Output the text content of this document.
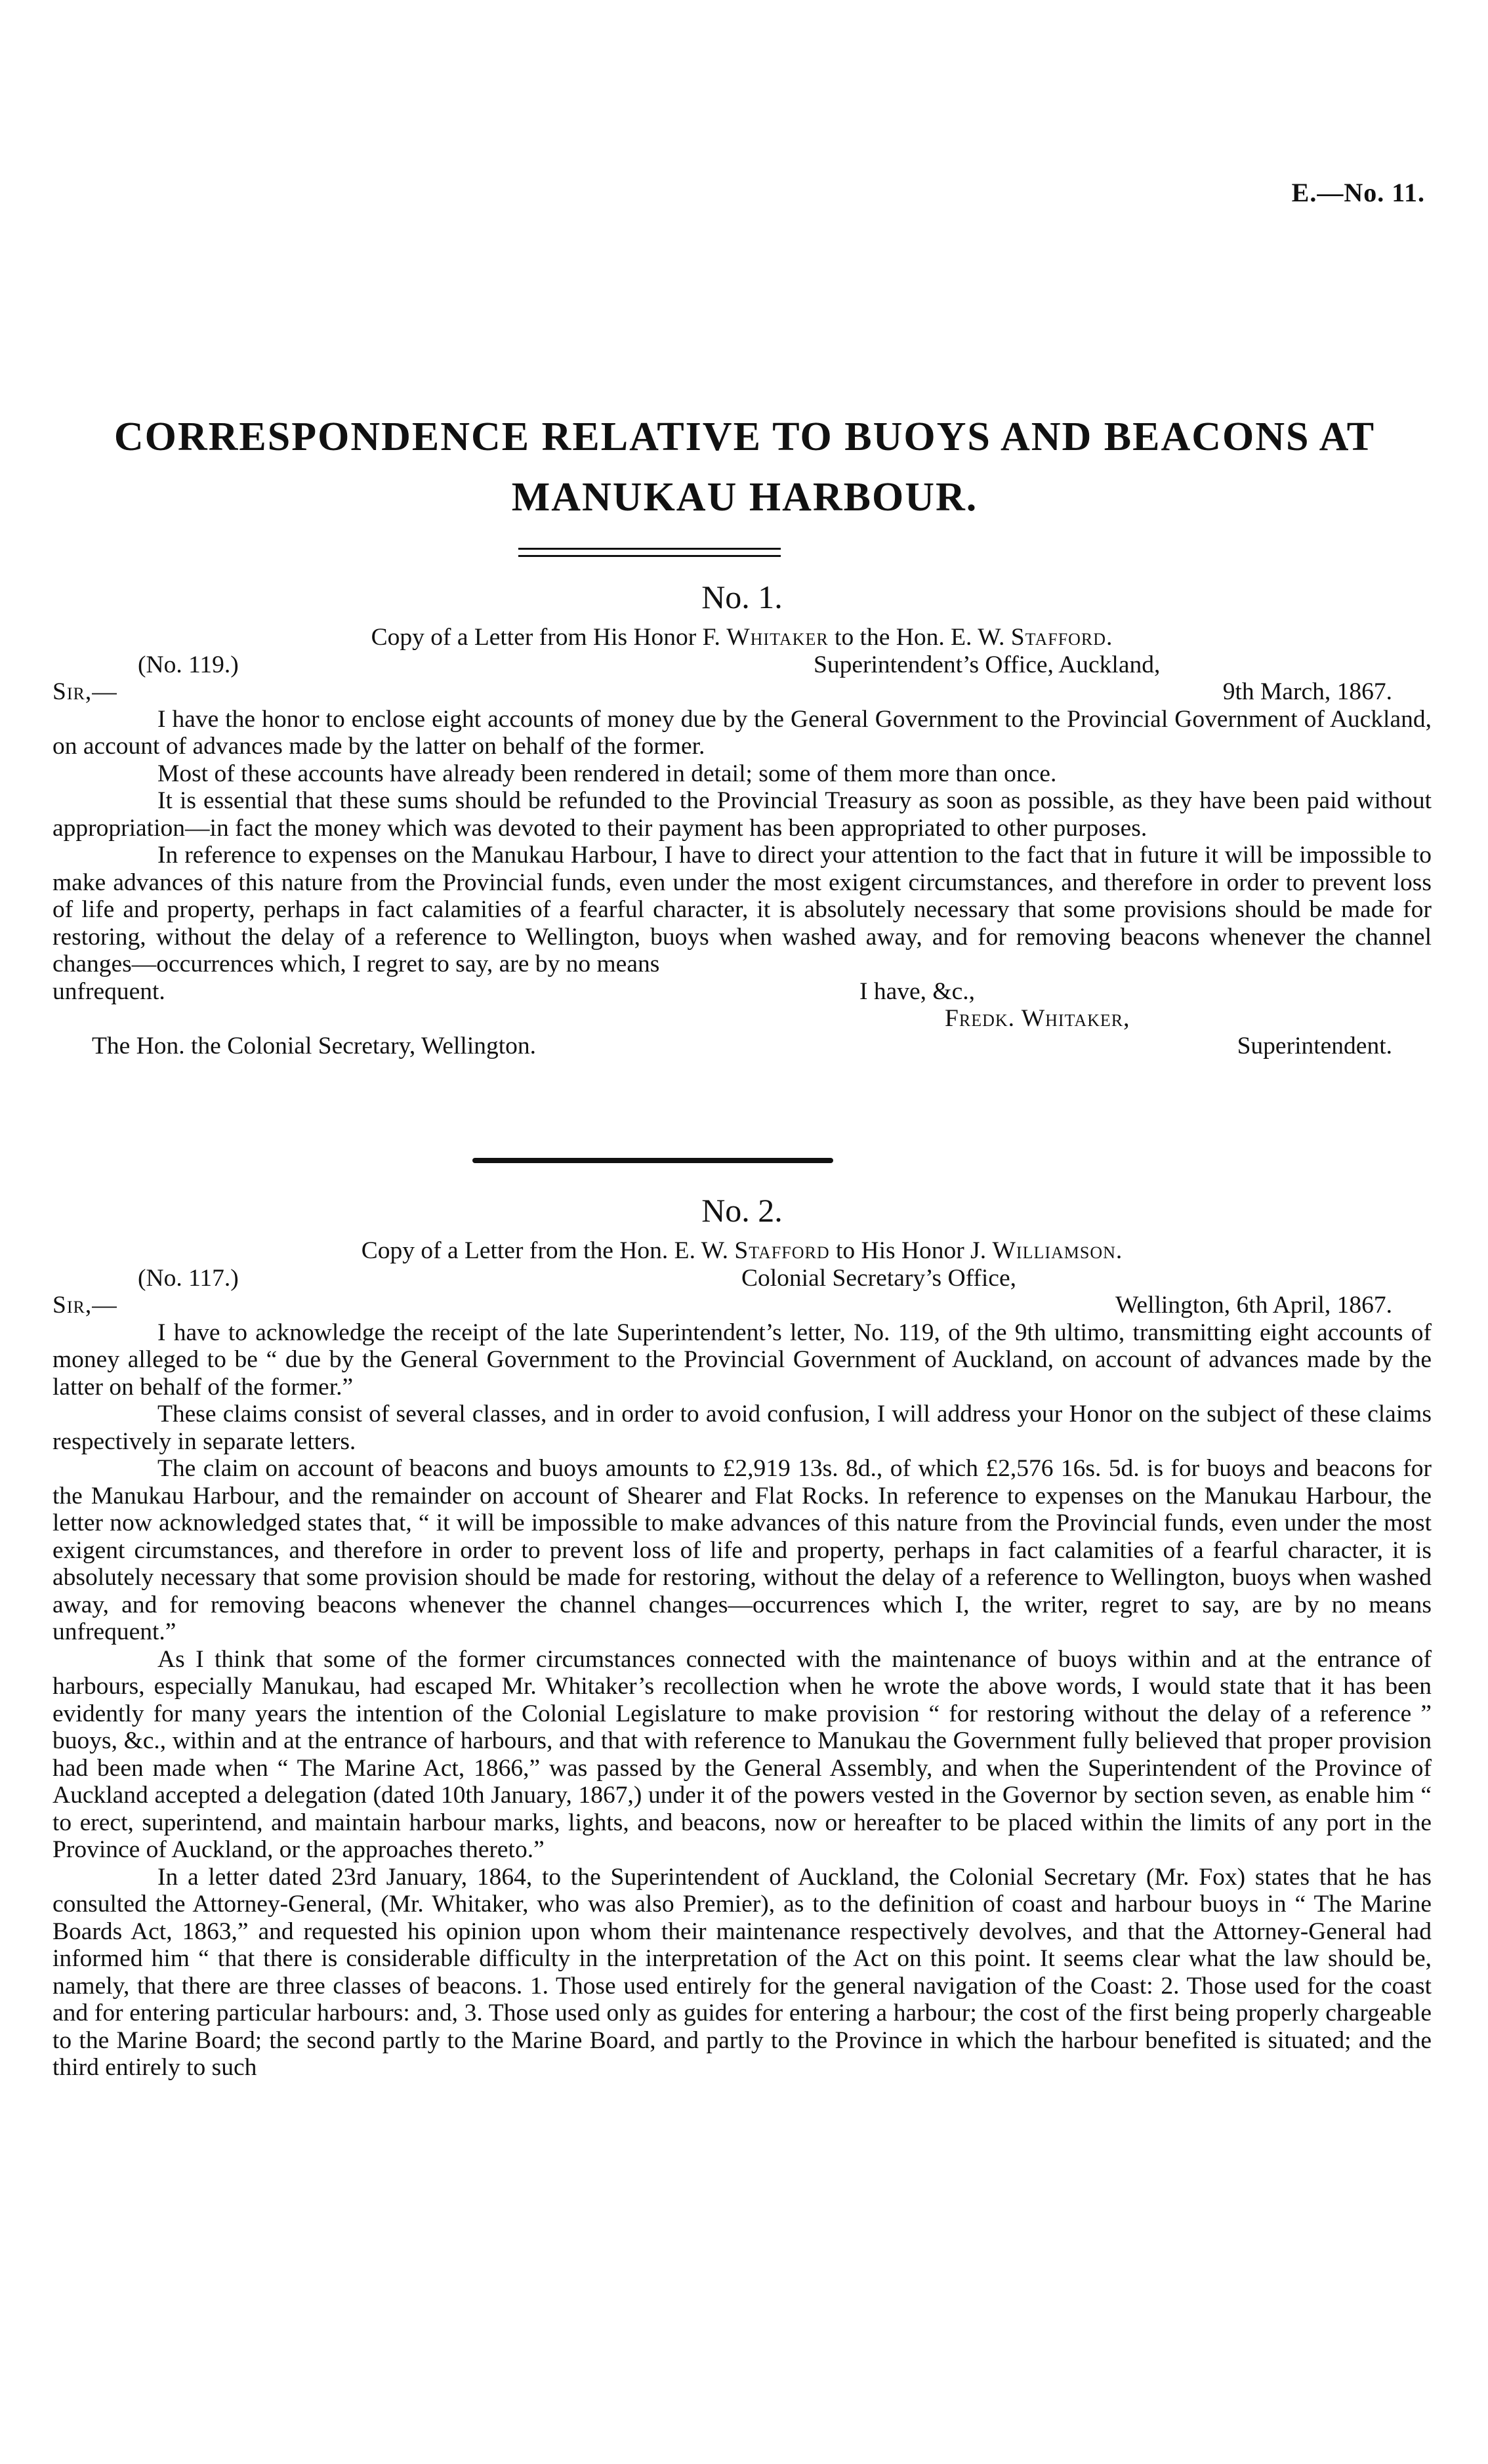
E.—No. 11.
CORRESPONDENCE RELATIVE TO BUOYS AND BEACONS AT
MANUKAU HARBOUR.
No. 1.
Copy of a Letter from His Honor F. Whitaker to the Hon. E. W. Stafford.
(No. 119.)	Superintendent’s Office, Auckland,
Sir,—	9th March, 1867.

I have the honor to enclose eight accounts of money due by the General Government to the Provincial Government of Auckland, on account of advances made by the latter on behalf of the former.

Most of these accounts have already been rendered in detail; some of them more than once.

It is essential that these sums should be refunded to the Provincial Treasury as soon as possible, as they have been paid without appropriation—in fact the money which was devoted to their payment has been appropriated to other purposes.

In reference to expenses on the Manukau Harbour, I have to direct your attention to the fact that in future it will be impossible to make advances of this nature from the Provincial funds, even under the most exigent circumstances, and therefore in order to prevent loss of life and property, perhaps in fact calamities of a fearful character, it is absolutely necessary that some provisions should be made for restoring, without the delay of a reference to Wellington, buoys when washed away, and for removing beacons whenever the channel changes—occurrences which, I regret to say, are by no means

unfrequent.	I have, &c.,
Fredk. Whitaker,
The Hon. the Colonial Secretary, Wellington.	Superintendent.
No. 2.
Copy of a Letter from the Hon. E. W. Stafford to His Honor J. Williamson.
(No. 117.)	Colonial Secretary’s Office,
Sir,—	Wellington, 6th April, 1867.

I have to acknowledge the receipt of the late Superintendent’s letter, No. 119, of the 9th ultimo, transmitting eight accounts of money alleged to be “ due by the General Government to the Provincial Government of Auckland, on account of advances made by the latter on behalf of the former.”

These claims consist of several classes, and in order to avoid confusion, I will address your Honor on the subject of these claims respectively in separate letters.

The claim on account of beacons and buoys amounts to £2,919 13s. 8d., of which £2,576 16s. 5d. is for buoys and beacons for the Manukau Harbour, and the remainder on account of Shearer and Flat Rocks. In reference to expenses on the Manukau Harbour, the letter now acknowledged states that, “ it will be impossible to make advances of this nature from the Provincial funds, even under the most exigent circumstances, and therefore in order to prevent loss of life and property, perhaps in fact calamities of a fearful character, it is absolutely necessary that some provision should be made for restoring, without the delay of a reference to Wellington, buoys when washed away, and for removing beacons whenever the channel changes—occurrences which I, the writer, regret to say, are by no means unfrequent.”

As I think that some of the former circumstances connected with the maintenance of buoys within and at the entrance of harbours, especially Manukau, had escaped Mr. Whitaker’s recollection when he wrote the above words, I would state that it has been evidently for many years the intention of the Colonial Legislature to make provision “ for restoring without the delay of a reference ” buoys, &c., within and at the entrance of harbours, and that with reference to Manukau the Government fully believed that proper provision had been made when “ The Marine Act, 1866,” was passed by the General Assembly, and when the Superintendent of the Province of Auckland accepted a delegation (dated 10th January, 1867,) under it of the powers vested in the Governor by section seven, as enable him “ to erect, superintend, and maintain harbour marks, lights, and beacons, now or hereafter to be placed within the limits of any port in the Province of Auckland, or the approaches thereto.”

In a letter dated 23rd January, 1864, to the Superintendent of Auckland, the Colonial Secretary (Mr. Fox) states that he has consulted the Attorney-General, (Mr. Whitaker, who was also Premier), as to the definition of coast and harbour buoys in “ The Marine Boards Act, 1863,” and requested his opinion upon whom their maintenance respectively devolves, and that the Attorney-General had informed him “ that there is considerable difficulty in the interpretation of the Act on this point. It seems clear what the law should be, namely, that there are three classes of beacons. 1. Those used entirely for the general navigation of the Coast: 2. Those used for the coast and for entering particular harbours: and, 3. Those used only as guides for entering a harbour; the cost of the first being properly chargeable to the Marine Board; the second partly to the Marine Board, and partly to the Province in which the harbour benefited is situated; and the third entirely to such
